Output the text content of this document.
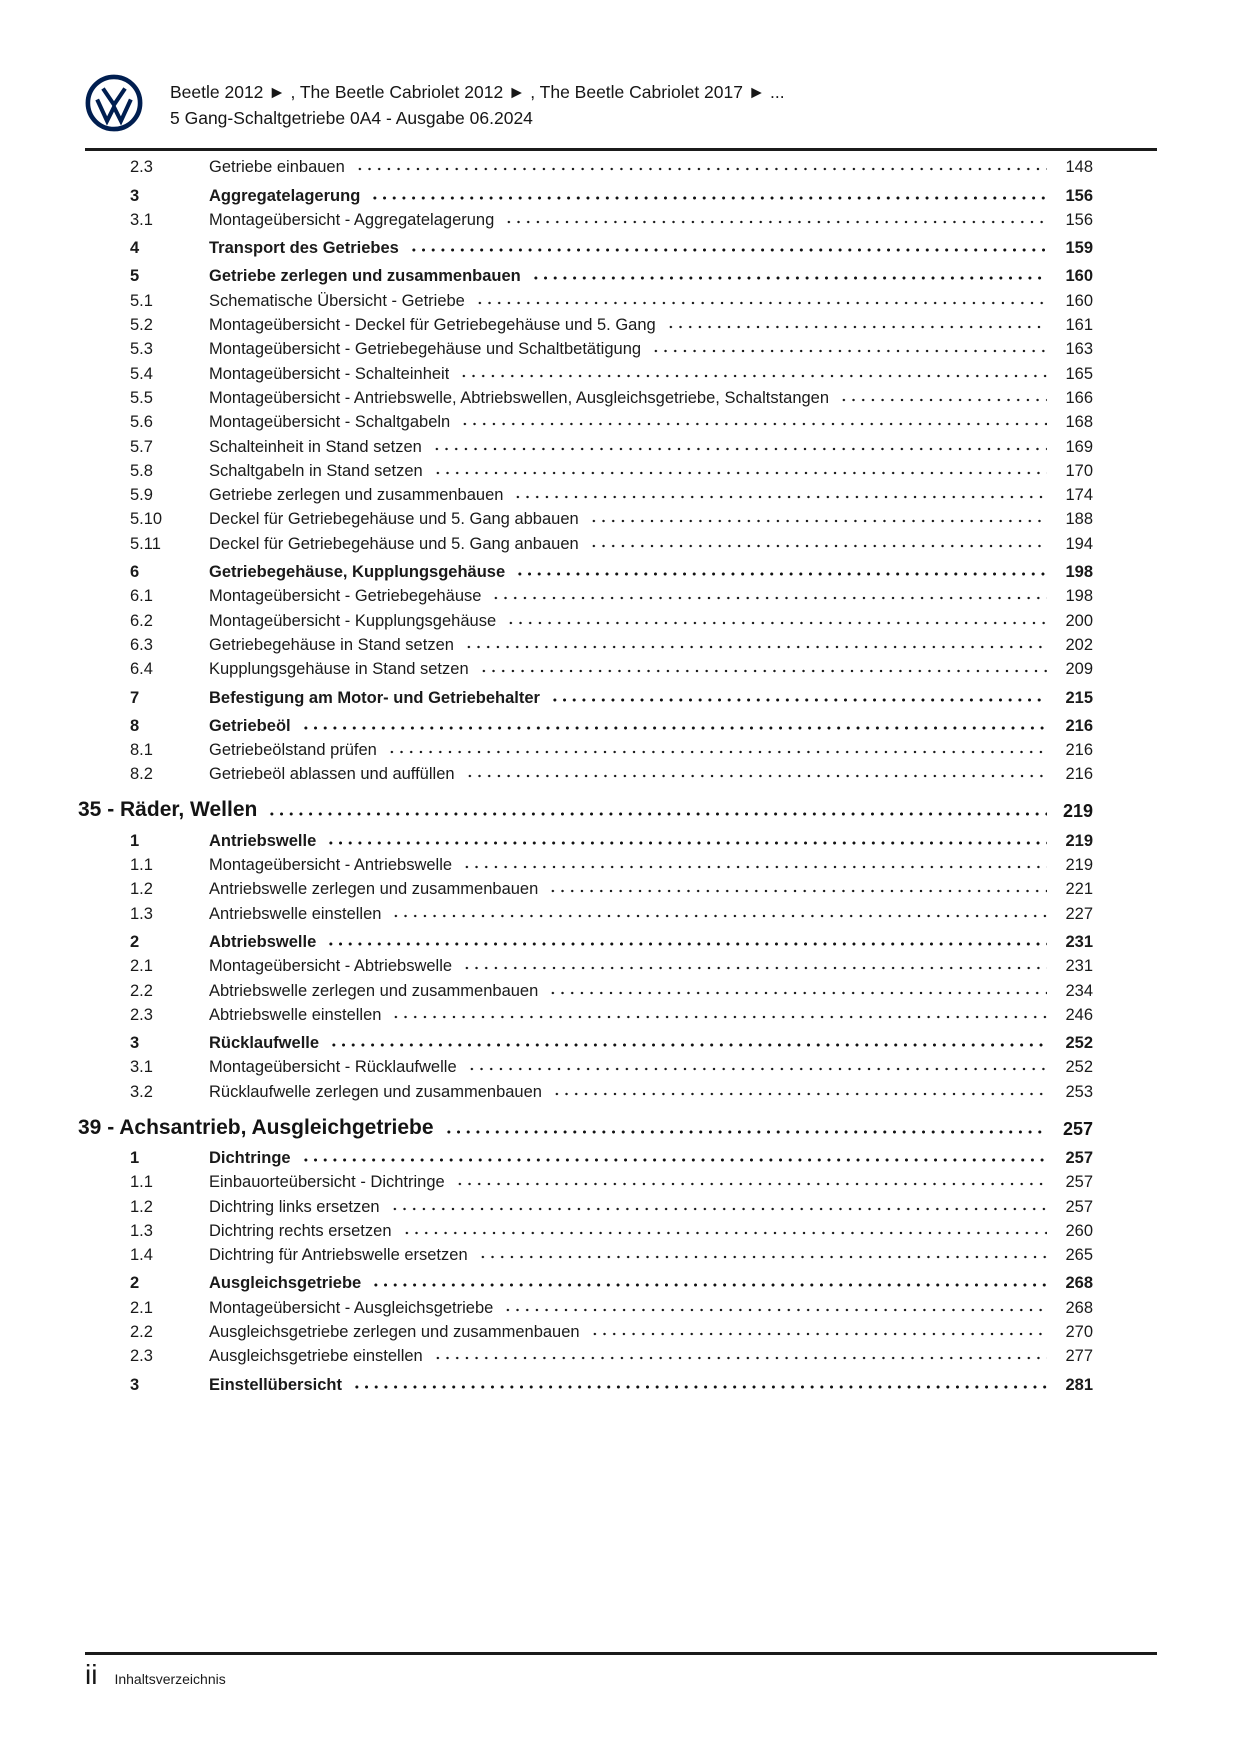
Beetle 2012 ► , The Beetle Cabriolet 2012 ► , The Beetle Cabriolet 2017 ► ...
5 Gang-Schaltgetriebe 0A4 - Ausgabe 06.2024
2.3	Getriebe einbauen	148
3	Aggregatelagerung	156
3.1	Montageübersicht - Aggregatelagerung	156
4	Transport des Getriebes	159
5	Getriebe zerlegen und zusammenbauen	160
5.1	Schematische Übersicht - Getriebe	160
5.2	Montageübersicht - Deckel für Getriebegehäuse und 5. Gang	161
5.3	Montageübersicht - Getriebegehäuse und Schaltbetätigung	163
5.4	Montageübersicht - Schalteinheit	165
5.5	Montageübersicht - Antriebswelle, Abtriebswellen, Ausgleichsgetriebe, Schaltstangen	166
5.6	Montageübersicht - Schaltgabeln	168
5.7	Schalteinheit in Stand setzen	169
5.8	Schaltgabeln in Stand setzen	170
5.9	Getriebe zerlegen und zusammenbauen	174
5.10	Deckel für Getriebegehäuse und 5. Gang abbauen	188
5.11	Deckel für Getriebegehäuse und 5. Gang anbauen	194
6	Getriebegehäuse, Kupplungsgehäuse	198
6.1	Montageübersicht - Getriebegehäuse	198
6.2	Montageübersicht - Kupplungsgehäuse	200
6.3	Getriebegehäuse in Stand setzen	202
6.4	Kupplungsgehäuse in Stand setzen	209
7	Befestigung am Motor- und Getriebehalter	215
8	Getriebeöl	216
8.1	Getriebeölstand prüfen	216
8.2	Getriebeöl ablassen und auffüllen	216
35 - Räder, Wellen	219
1	Antriebswelle	219
1.1	Montageübersicht - Antriebswelle	219
1.2	Antriebswelle zerlegen und zusammenbauen	221
1.3	Antriebswelle einstellen	227
2	Abtriebswelle	231
2.1	Montageübersicht - Abtriebswelle	231
2.2	Abtriebswelle zerlegen und zusammenbauen	234
2.3	Abtriebswelle einstellen	246
3	Rücklaufwelle	252
3.1	Montageübersicht - Rücklaufwelle	252
3.2	Rücklaufwelle zerlegen und zusammenbauen	253
39 - Achsantrieb, Ausgleichgetriebe	257
1	Dichtringe	257
1.1	Einbauorteübersicht - Dichtringe	257
1.2	Dichtring links ersetzen	257
1.3	Dichtring rechts ersetzen	260
1.4	Dichtring für Antriebswelle ersetzen	265
2	Ausgleichsgetriebe	268
2.1	Montageübersicht - Ausgleichsgetriebe	268
2.2	Ausgleichsgetriebe zerlegen und zusammenbauen	270
2.3	Ausgleichsgetriebe einstellen	277
3	Einstellübersicht	281
ii Inhaltsverzeichnis
